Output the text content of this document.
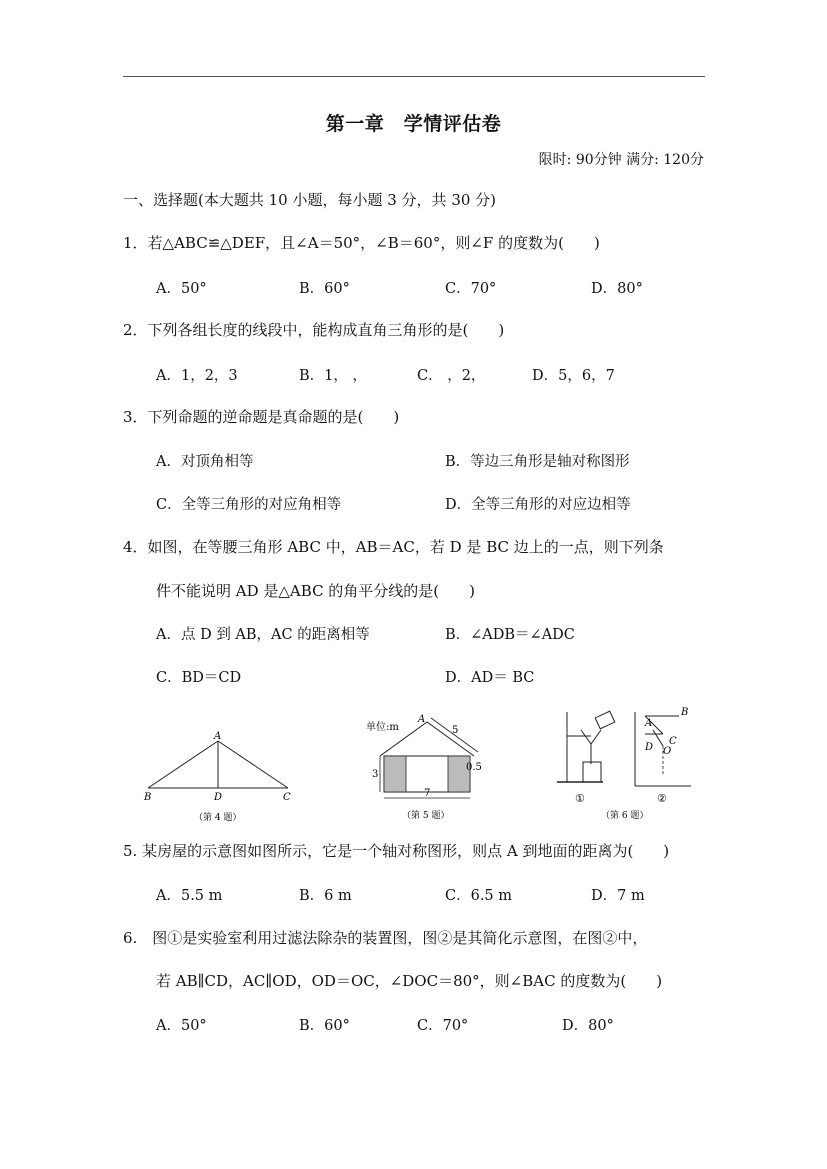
第一章　学情评估卷
限时: 90分钟 满分: 120分
一、选择题(本大题共 10 小题，每小题 3 分，共 30 分)
1．若△ABC≌△DEF，且∠A＝50°，∠B＝60°，则∠F 的度数为(　　)
A．50°	B．60°	C．70°	D．80°
2．下列各组长度的线段中，能构成直角三角形的是(　　)
A．1，2，3	B．1， ，	C． ，2，	D．5，6，7
3．下列命题的逆命题是真命题的是(　　)
A．对顶角相等	B．等边三角形是轴对称图形
C．全等三角形的对应角相等	D．全等三角形的对应边相等
4．如图，在等腰三角形 ABC 中，AB＝AC，若 D 是 BC 边上的一点，则下列条
件不能说明 AD 是△ABC 的角平分线的是(　　)
A．点 D 到 AB，AC 的距离相等	B．∠ADB＝∠ADC
C．BD＝CD	D．AD＝ BC
A
B	C
D
（第 4 题）
单位:m
A
5
3
0.5
7
（第 5 题）
①
A
B
C
D O
②
（第 6 题）
5. 某房屋的示意图如图所示，它是一个轴对称图形，则点 A 到地面的距离为(　　)
A．5.5 m	B．6 m	C．6.5 m	D．7 m
6.　图①是实验室利用过滤法除杂的装置图，图②是其简化示意图，在图②中，
若 AB∥CD，AC∥OD，OD＝OC，∠DOC＝80°，则∠BAC 的度数为(　　)
A．50°	B．60°	C．70°	D．80°
